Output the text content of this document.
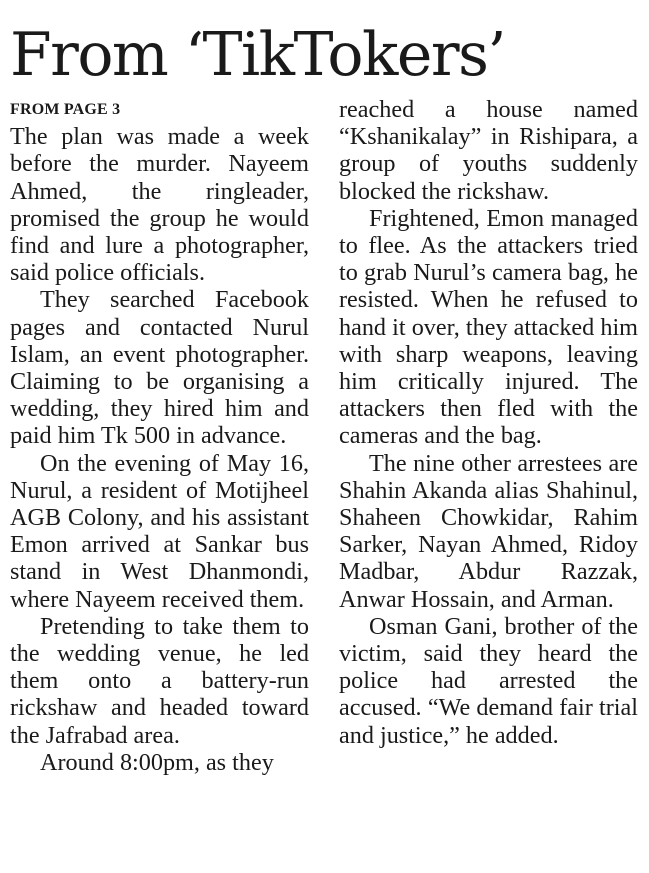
From ‘TikTokers’
FROM PAGE 3

The plan was made a week before the murder. Nayeem Ahmed, the ringleader, promised the group he would find and lure a photographer, said police officials.

They searched Facebook pages and contacted Nurul Islam, an event photographer. Claiming to be organising a wedding, they hired him and paid him Tk 500 in advance.

On the evening of May 16, Nurul, a resident of Motijheel AGB Colony, and his assistant Emon arrived at Sankar bus stand in West Dhanmondi, where Nayeem received them.

Pretending to take them to the wedding venue, he led them onto a battery-run rickshaw and headed toward the Jafrabad area.

Around 8:00pm, as they

reached a house named “Kshanikalay” in Rishipara, a group of youths suddenly blocked the rickshaw.

Frightened, Emon managed to flee. As the attackers tried to grab Nurul’s camera bag, he resisted. When he refused to hand it over, they attacked him with sharp weapons, leaving him critically injured. The attackers then fled with the cameras and the bag.

The nine other arrestees are Shahin Akanda alias Shahinul, Shaheen Chowkidar, Rahim Sarker, Nayan Ahmed, Ridoy Madbar, Abdur Razzak, Anwar Hossain, and Arman.

Osman Gani, brother of the victim, said they heard the police had arrested the accused. “We demand fair trial and justice,” he added.
